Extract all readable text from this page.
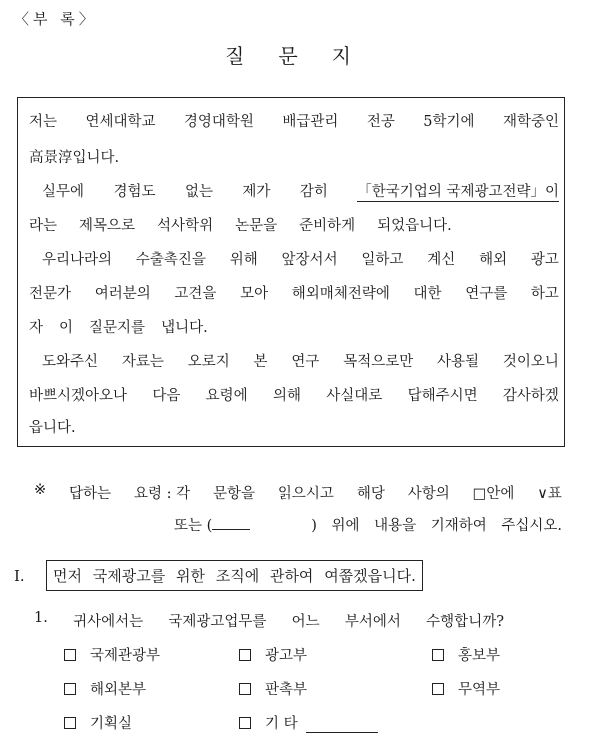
〈부 록〉
질문지
저는 연세대학교 경영대학원 배급관리 전공 5학기에 재학중인
高景淳입니다.
실무에 경험도 없는 제가 감히 「한국기업의 국제광고전략」이
라는 제목으로 석사학위 논문을 준비하게 되었읍니다.
우리나라의 수출촉진을 위해 앞장서서 일하고 계신 해외 광고
전문가 여러분의 고견을 모아 해외매체전략에 대한 연구를 하고
자 이 질문지를 냅니다.
도와주신 자료는 오로지 본 연구 목적으로만 사용될 것이오니
바쁘시겠아오나 다음 요령에 의해 사실대로 답해주시면 감사하겠
읍니다.
※ 답하는 요령 : 각 문항을 읽으시고 해당 사항의 □안에 ∨표
또는 (	) 위에 내용을 기재하여 주십시오.
I. 먼저 국제광고를 위한 조직에 관하여 여쭙겠읍니다.
1. 귀사에서는 국제광고업무를 어느 부서에서 수행합니까?
국제관광부	광고부	홍보부
해외본부	판촉부	무역부
기획실	기 타
